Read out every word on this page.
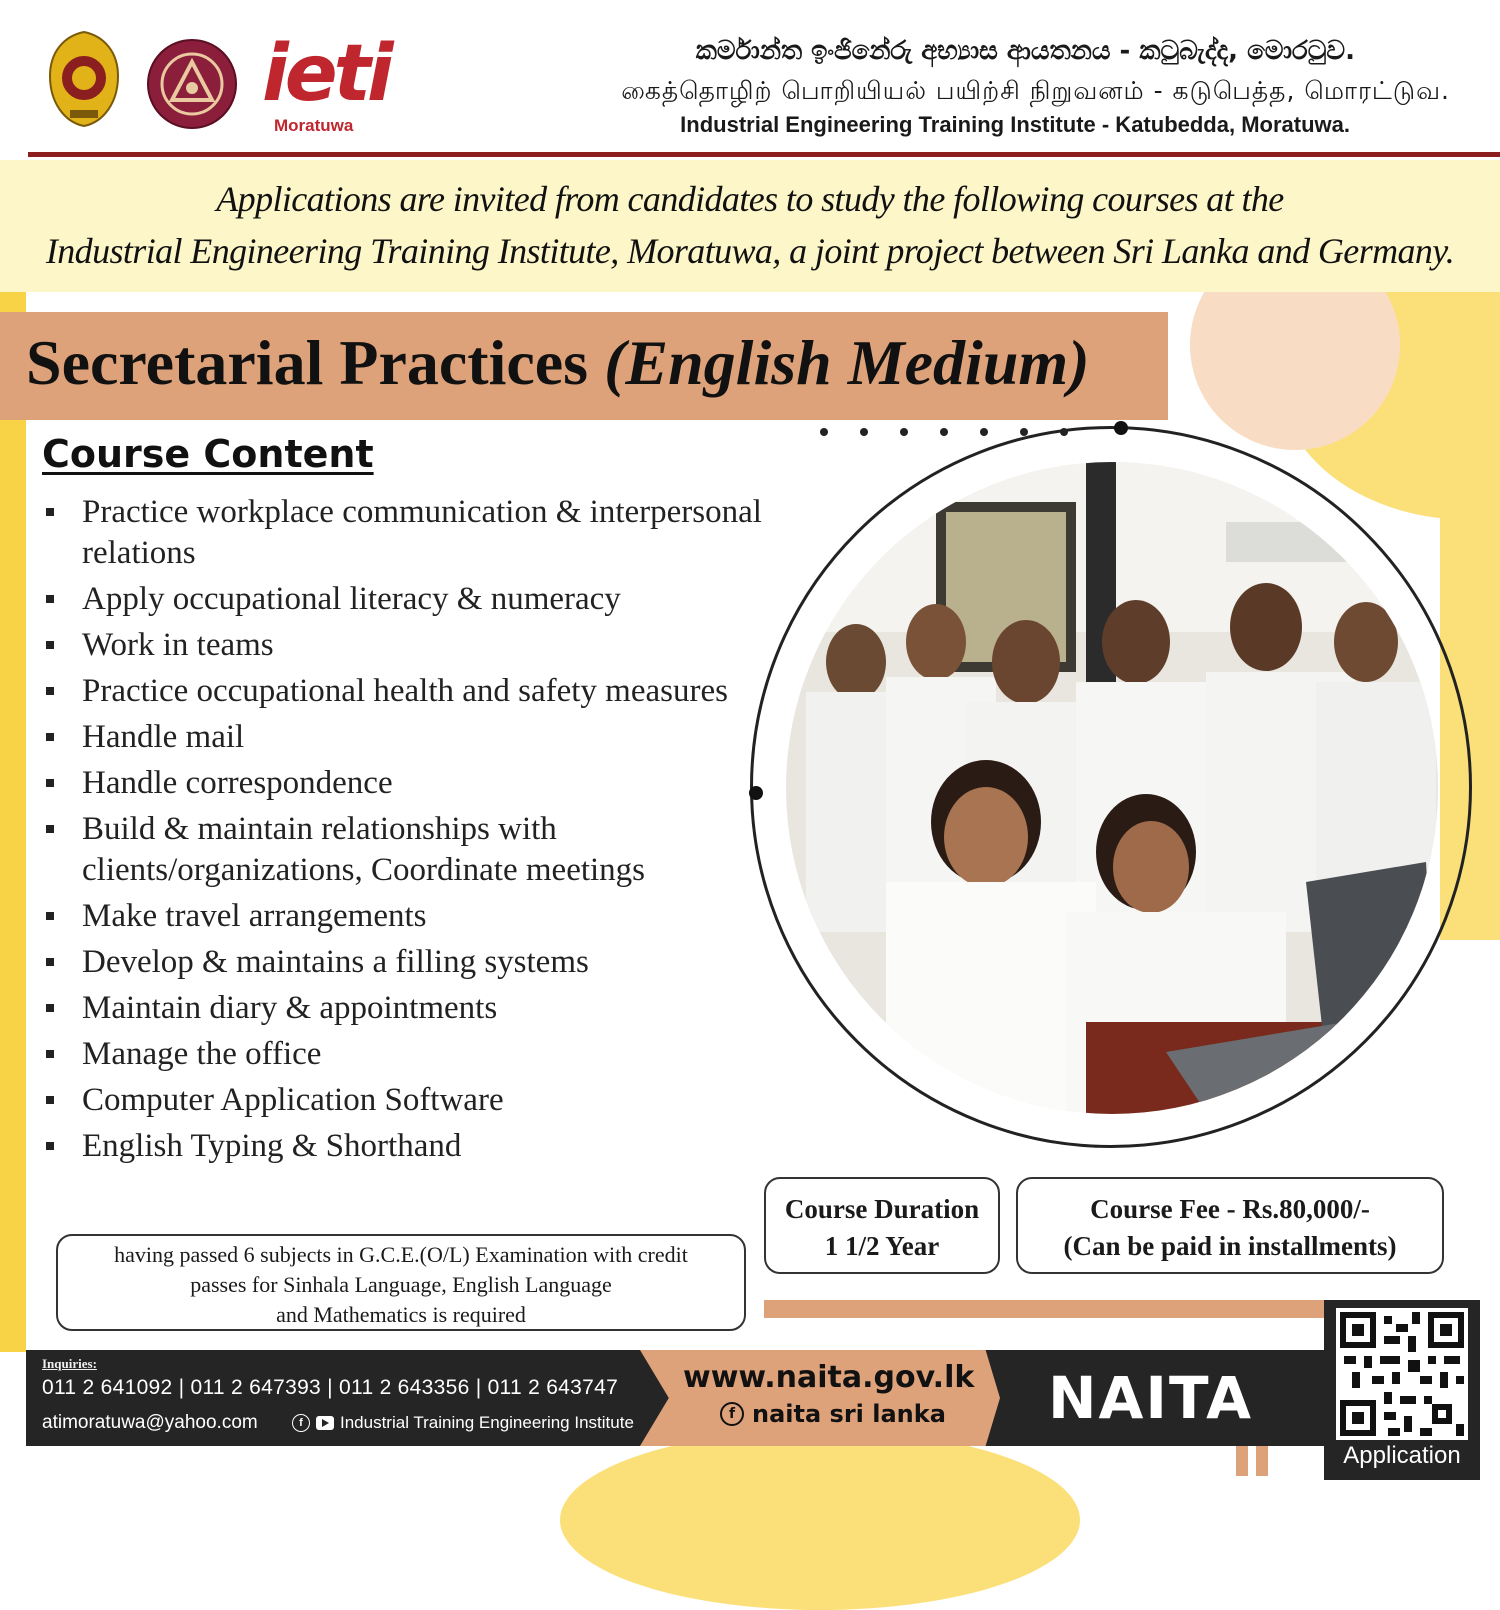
ieti
Moratuwa
කර්මාන්ත ඉංජිනේරු අභ්‍යාස ආයතනය - කටුබැද්ද, මොරටුව.
கைத்தொழிற் பொறியியல் பயிற்சி நிறுவனம் - கடுபெத்த, மொரட்டுவ.
Industrial Engineering Training Institute - Katubedda, Moratuwa.
Applications are invited from candidates to study the following courses at the
Industrial Engineering Training Institute, Moratuwa, a joint project between Sri Lanka and Germany.
Secretarial Practices (English Medium)
Course Content
Practice workplace communication & interpersonal relations
Apply occupational literacy & numeracy
Work in teams
Practice occupational health and safety measures
Handle mail
Handle correspondence
Build & maintain relationships with clients/organizations, Coordinate meetings
Make travel arrangements
Develop & maintains a filling systems
Maintain diary & appointments
Manage the office
Computer Application Software
English Typing & Shorthand
Course Duration
1 1/2 Year
Course Fee - Rs.80,000/-
(Can be paid in installments)
having passed 6 subjects in G.C.E.(O/L) Examination with credit
passes for Sinhala Language, English Language
and Mathematics is required
Inquiries:
011 2 641092 | 011 2 647393 | 011 2 643356 | 011 2 643747
atimoratuwa@yahoo.com	f	Industrial Training Engineering Institute
www.naita.gov.lk
f naita sri lanka NAITA
Application
